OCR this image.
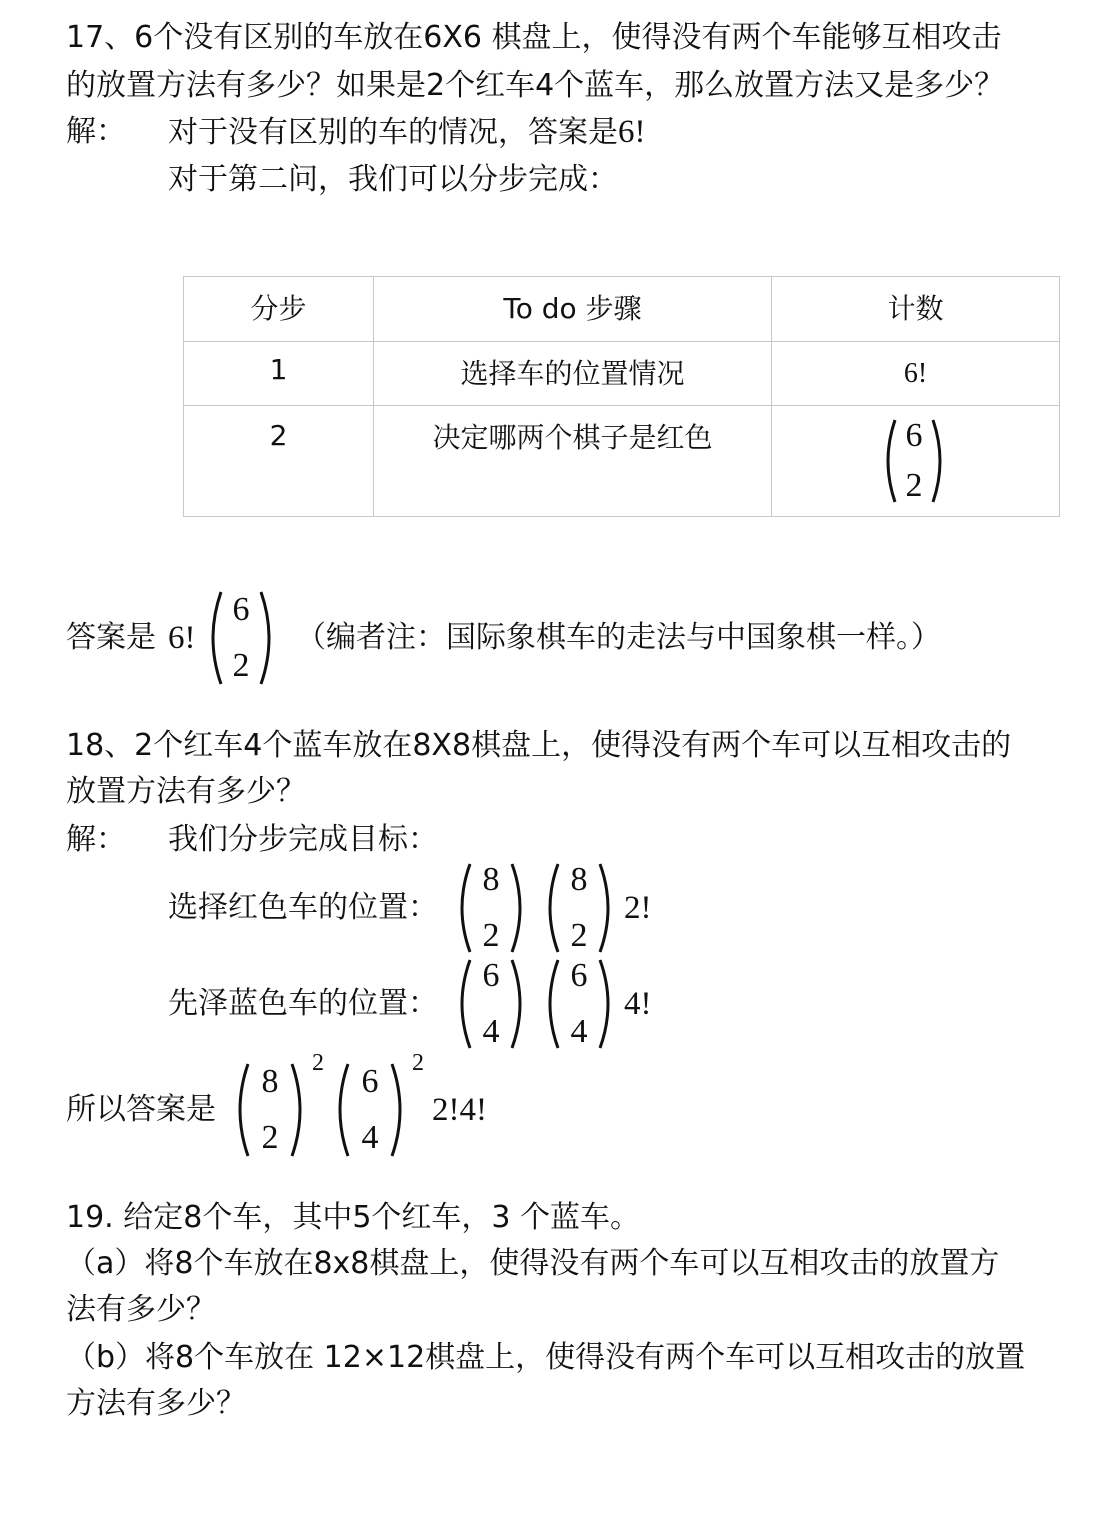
17、6个没有区别的车放在6X6 棋盘上，使得没有两个车能够互相攻击
的放置方法有多少？如果是2个红车4个蓝车，那么放置方法又是多少？
解： 对于没有区别的车的情况，答案是6!
对于第二问，我们可以分步完成：
分步	To do 步骤	计数
1	选择车的位置情况	6!
2	决定哪两个棋子是红色	6
2
答案是 6!
6
2
（编者注：国际象棋车的走法与中国象棋一样。）
18、2个红车4个蓝车放在8X8棋盘上，使得没有两个车可以互相攻击的
放置方法有多少？
解： 我们分步完成目标：
选择红色车的位置：
8
2
8
2
2!
先泽蓝色车的位置：
6
4
6
4
4!
所以答案是
8
2
2	6
4
2
2!4!
19. 给定8个车，其中5个红车，3 个蓝车。
（a）将8个车放在8x8棋盘上，使得没有两个车可以互相攻击的放置方
法有多少？
（b）将8个车放在 12×12棋盘上，使得没有两个车可以互相攻击的放置
方法有多少？
